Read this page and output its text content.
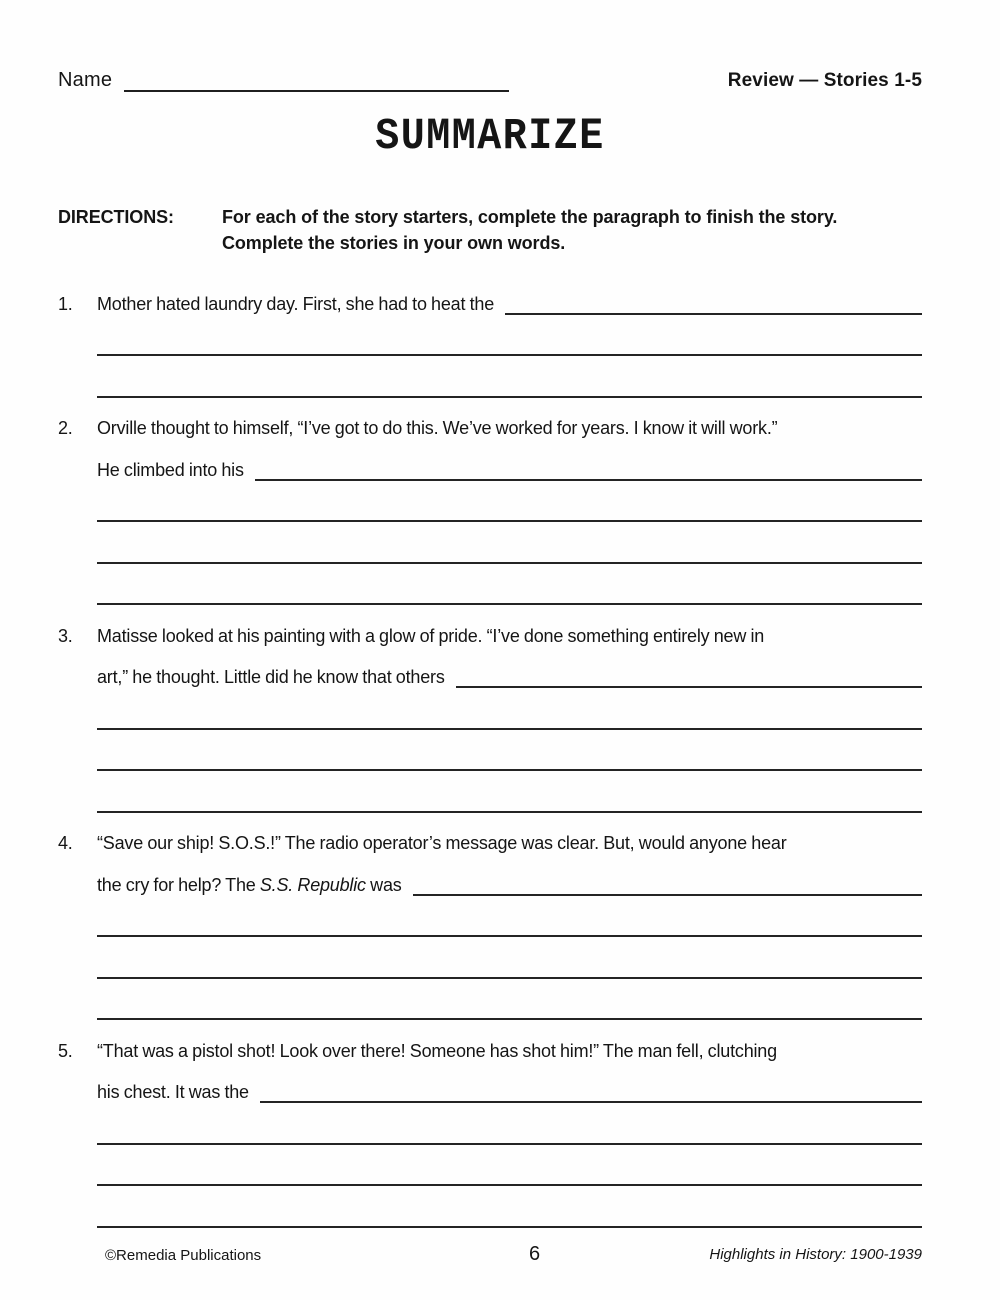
Name	Review — Stories 1-5
SUMMARIZE
DIRECTIONS:	For each of the story starters, complete the paragraph to finish the story.
Complete the stories in your own words.
1. Mother hated laundry day. First, she had to heat the
2. Orville thought to himself, “I’ve got to do this. We’ve worked for years. I know it will work.”
He climbed into his
3. Matisse looked at his painting with a glow of pride. “I’ve done something entirely new in
art,” he thought. Little did he know that others
4. “Save our ship! S.O.S.!” The radio operator’s message was clear. But, would anyone hear
the cry for help? The S.S. Republic was
5. “That was a pistol shot! Look over there! Someone has shot him!” The man fell, clutching
his chest. It was the
©Remedia Publications	6	Highlights in History: 1900-1939
